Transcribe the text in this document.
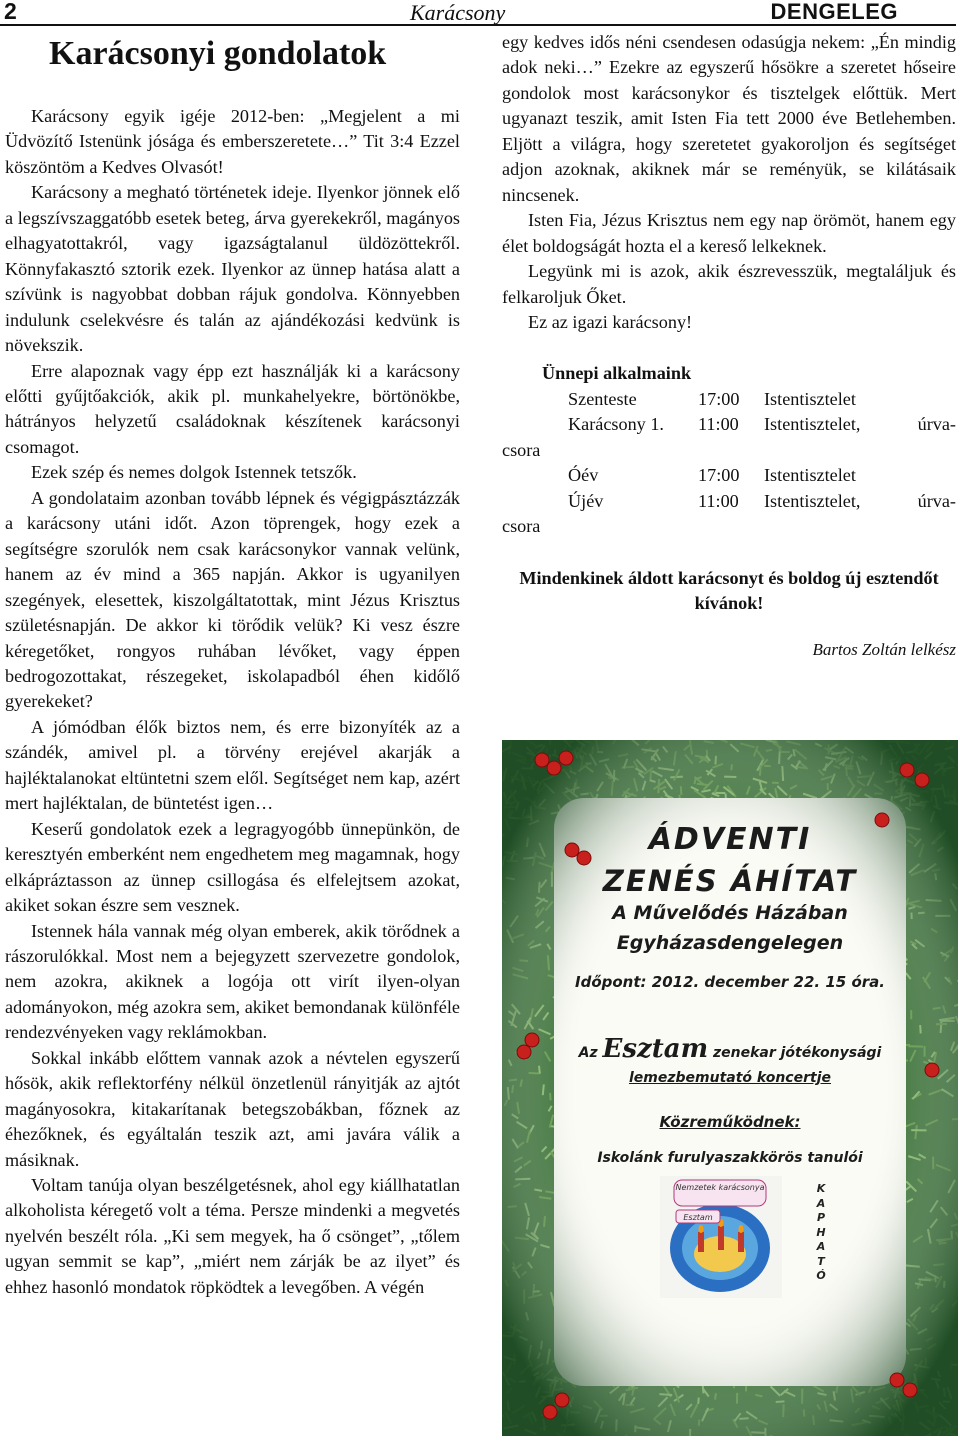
2	Karácsony	DENGELEG
Karácsonyi gondolatok

Karácsony egyik igéje 2012-ben: „Megjelent a mi Üdvözítő Istenünk jósága és emberszeretete…” Tit 3:4 Ezzel köszöntöm a Kedves Olvasót!

Karácsony a megható történetek ideje. Ilyenkor jönnek elő a legszívszaggatóbb esetek beteg, árva gyerekekről, magányos elhagyatottakról, vagy igazságtalanul üldözöttekről. Könnyfakasztó sztorik ezek. Ilyenkor az ünnep hatása alatt a szívünk is nagyobbat dobban rájuk gondolva. Könnyebben indulunk cselekvésre és talán az ajándékozási kedvünk is növekszik.

Erre alapoznak vagy épp ezt használják ki a karácsony előtti gyűjtőakciók, akik pl. munkahelyekre, börtönökbe, hátrányos helyzetű családoknak készítenek karácsonyi csomagot.

Ezek szép és nemes dolgok Istennek tetszők.

A gondolataim azonban tovább lépnek és végigpásztázzák a karácsony utáni időt. Azon töprengek, hogy ezek a segítségre szorulók nem csak karácsonykor vannak velünk, hanem az év mind a 365 napján. Akkor is ugyanilyen szegények, elesettek, kiszolgáltatottak, mint Jézus Krisztus születésnapján. De akkor ki törődik velük? Ki vesz észre kéregetőket, rongyos ruhában lévőket, vagy éppen bedrogozottakat, részegeket, iskolapadból éhen kidőlő gyerekeket?

A jómódban élők biztos nem, és erre bizonyíték az a szándék, amivel pl. a törvény erejével akarják a hajléktalanokat eltüntetni szem elől. Segítséget nem kap, azért mert hajléktalan, de büntetést igen…

Keserű gondolatok ezek a legragyogóbb ünnepünkön, de keresztyén emberként nem engedhetem meg magamnak, hogy elkápráztasson az ünnep csillogása és elfelejtsem azokat, akiket sokan észre sem vesznek.

Istennek hála vannak még olyan emberek, akik törődnek a rászorulókkal. Most nem a bejegyzett szervezetre gondolok, nem azokra, akiknek a logója ott virít ilyen-olyan adományokon, még azokra sem, akiket bemondanak különféle rendezvényeken vagy reklámokban.

Sokkal inkább előttem vannak azok a névtelen egyszerű hősök, akik reflektorfény nélkül önzetlenül rányitják az ajtót magányosokra, kitakarítanak betegszobákban, főznek az éhezőknek, és egyáltalán teszik azt, ami javára válik a másiknak.

Voltam tanúja olyan beszélgetésnek, ahol egy kiállhatatlan alkoholista kéregető volt a téma. Persze mindenki a megvetés nyelvén beszélt róla. „Ki sem megyek, ha ő csönget”, „tőlem ugyan semmit se kap”, „miért nem zárják be az ilyet” és ehhez hasonló mondatok röpködtek a levegőben. A végén

egy kedves idős néni csendesen odasúgja nekem: „Én mindig adok neki…” Ezekre az egyszerű hősökre a szeretet hőseire gondolok most karácsonykor és tisztelgek előttük. Mert ugyanazt teszik, amit Isten Fia tett 2000 éve Betlehemben. Eljött a világra, hogy szeretetet gyakoroljon és segítséget adjon azoknak, akiknek már se reményük, se kilátásaik nincsenek.

Isten Fia, Jézus Krisztus nem egy nap örömöt, hanem egy élet boldogságát hozta el a kereső lelkeknek.

Legyünk mi is azok, akik észrevesszük, megtaláljuk és felkaroljuk Őket.

Ez az igazi karácsony!

Ünnepi alkalmaink
Szenteste	17:00	Istentisztelet
Karácsony 1.	11:00	Istentisztelet, úrva-
csora
Óév	17:00	Istentisztelet
Újév	11:00	Istentisztelet, úrva-
csora
Mindenkinek áldott karácsonyt és boldog új esztendőt kívánok!
Bartos Zoltán lelkész
ÁDVENTI
ZENÉS ÁHÍTAT
A Művelődés Házában
Egyházasdengelegen
Időpont: 2012. december 22. 15 óra.
Az Esztam zenekar jótékonysági
lemezbemutató koncertje
Közreműködnek:
Iskolánk furulyaszakkörös tanulói
Nemzetek karácsonya
Esztam
K
A
P
H
A
T
Ó
